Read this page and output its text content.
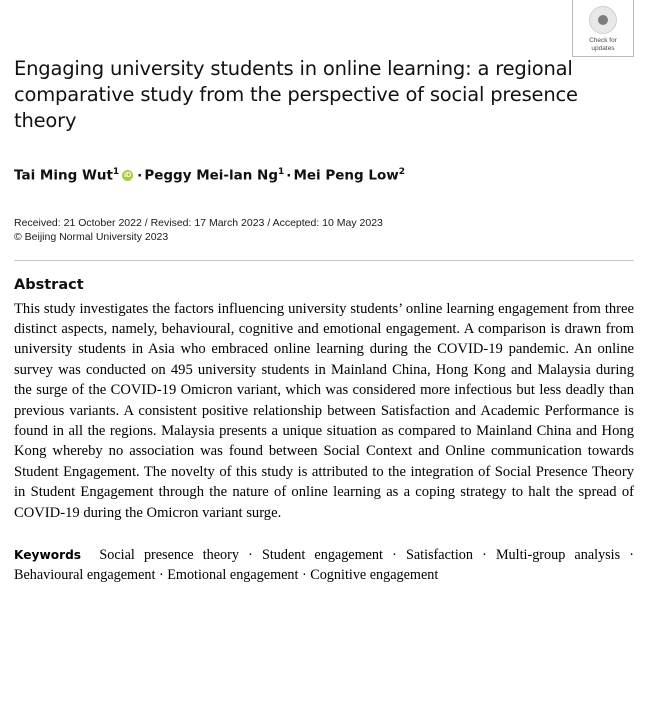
Check for
updates
Engaging university students in online learning: a regional comparative study from the perspective of social presence theory
Tai Ming Wut$^1$ iD · Peggy Mei-lan $Ng^1$ · Mei Peng Low$^2$
Received: 21 October 2022 / Revised: 17 March 2023 / Accepted: 10 May 2023
© Beijing Normal University 2023
Abstract
This study investigates the factors influencing university students’ online learning engagement from three distinct aspects, namely, behavioural, cognitive and emotional engagement. A comparison is drawn from university students in Asia who embraced online learning during the COVID-19 pandemic. An online survey was conducted on 495 university students in Mainland China, Hong Kong and Malaysia during the surge of the COVID-19 Omicron variant, which was considered more infectious but less deadly than previous variants. A consistent positive relationship between Satisfaction and Academic Performance is found in all the regions. Malaysia presents a unique situation as compared to Mainland China and Hong Kong whereby no association was found between Social Context and Online communication towards Student Engagement. The novelty of this study is attributed to the integration of Social Presence Theory in Student Engagement through the nature of online learning as a coping strategy to halt the spread of COVID-19 during the Omicron variant surge.
Keywords Social presence theory · Student engagement · Satisfaction · Multi-group analysis · Behavioural engagement · Emotional engagement · Cognitive engagement
